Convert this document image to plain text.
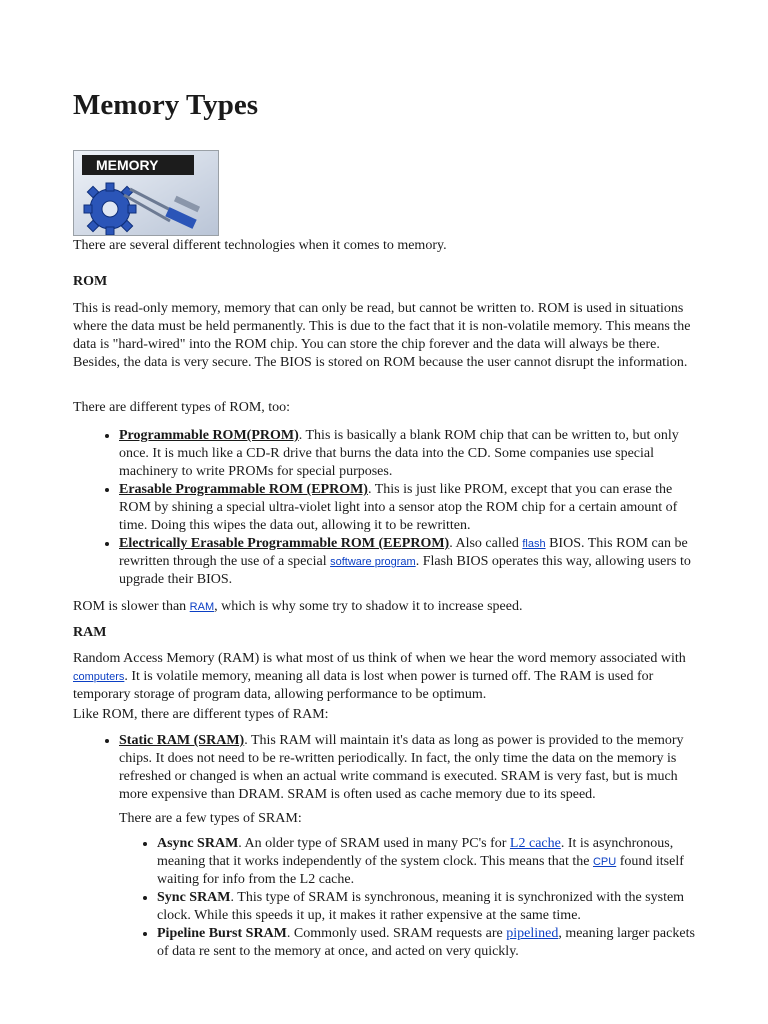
Memory Types
MEMORY

There are several different technologies when it comes to memory.

ROM

This is read-only memory, memory that can only be read, but cannot be written to. ROM is used in situations where the data must be held permanently. This is due to the fact that it is non-volatile memory. This means the data is "hard-wired" into the ROM chip. You can store the chip forever and the data will always be there. Besides, the data is very secure. The BIOS is stored on ROM because the user cannot disrupt the information.

There are different types of ROM, too:

• Programmable ROM(PROM). This is basically a blank ROM chip that can be written to, but only once. It is much like a CD-R drive that burns the data into the CD. Some companies use special machinery to write PROMs for special purposes.
• Erasable Programmable ROM (EPROM). This is just like PROM, except that you can erase the ROM by shining a special ultra-violet light into a sensor atop the ROM chip for a certain amount of time. Doing this wipes the data out, allowing it to be rewritten.
• Electrically Erasable Programmable ROM (EEPROM). Also called flash BIOS. This ROM can be rewritten through the use of a special software program. Flash BIOS operates this way, allowing users to upgrade their BIOS.

ROM is slower than RAM, which is why some try to shadow it to increase speed.

RAM

Random Access Memory (RAM) is what most of us think of when we hear the word memory associated with computers. It is volatile memory, meaning all data is lost when power is turned off. The RAM is used for temporary storage of program data, allowing performance to be optimum.

Like ROM, there are different types of RAM:

• Static RAM (SRAM). This RAM will maintain it's data as long as power is provided to the memory chips. It does not need to be re-written periodically. In fact, the only time the data on the memory is refreshed or changed is when an actual write command is executed. SRAM is very fast, but is much more expensive than DRAM. SRAM is often used as cache memory due to its speed.

There are a few types of SRAM:

• Async SRAM. An older type of SRAM used in many PC's for L2 cache. It is asynchronous, meaning that it works independently of the system clock. This means that the CPU found itself waiting for info from the L2 cache.
• Sync SRAM. This type of SRAM is synchronous, meaning it is synchronized with the system clock. While this speeds it up, it makes it rather expensive at the same time.
• Pipeline Burst SRAM. Commonly used. SRAM requests are pipelined, meaning larger packets of data re sent to the memory at once, and acted on very quickly.
